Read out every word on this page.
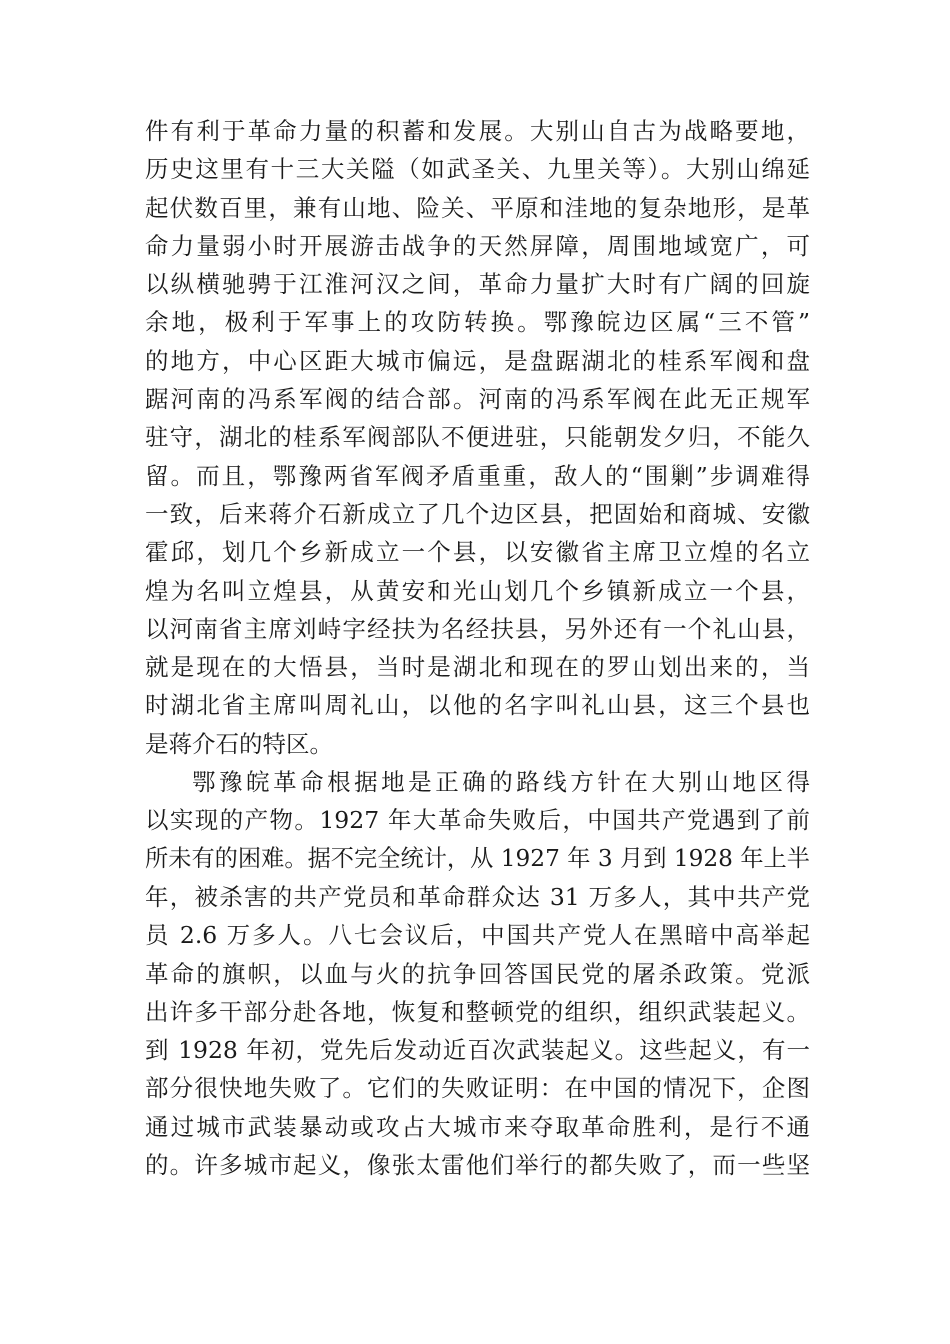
件有利于革命力量的积蓄和发展。大别山自古为战略要地，
历史这里有十三大关隘（如武圣关、九里关等）。大别山绵延
起伏数百里，兼有山地、险关、平原和洼地的复杂地形，是革
命力量弱小时开展游击战争的天然屏障，周围地域宽广，可
以纵横驰骋于江淮河汉之间，革命力量扩大时有广阔的回旋
余地，极利于军事上的攻防转换。鄂豫皖边区属“三不管”
的地方，中心区距大城市偏远，是盘踞湖北的桂系军阀和盘
踞河南的冯系军阀的结合部。河南的冯系军阀在此无正规军
驻守，湖北的桂系军阀部队不便进驻，只能朝发夕归，不能久
留。而且，鄂豫两省军阀矛盾重重，敌人的“围剿”步调难得
一致，后来蒋介石新成立了几个边区县，把固始和商城、安徽
霍邱，划几个乡新成立一个县，以安徽省主席卫立煌的名立
煌为名叫立煌县，从黄安和光山划几个乡镇新成立一个县，
以河南省主席刘峙字经扶为名经扶县，另外还有一个礼山县，
就是现在的大悟县，当时是湖北和现在的罗山划出来的，当
时湖北省主席叫周礼山，以他的名字叫礼山县，这三个县也
是蒋介石的特区。
鄂豫皖革命根据地是正确的路线方针在大别山地区得
以实现的产物。1927 年大革命失败后，中国共产党遇到了前
所未有的困难。据不完全统计，从 1927 年 3 月到 1928 年上半
年，被杀害的共产党员和革命群众达 31 万多人，其中共产党
员 2.6 万多人。八七会议后，中国共产党人在黑暗中高举起
革命的旗帜，以血与火的抗争回答国民党的屠杀政策。党派
出许多干部分赴各地，恢复和整顿党的组织，组织武装起义。
到 1928 年初，党先后发动近百次武装起义。这些起义，有一
部分很快地失败了。它们的失败证明：在中国的情况下，企图
通过城市武装暴动或攻占大城市来夺取革命胜利，是行不通
的。许多城市起义，像张太雷他们举行的都失败了，而一些坚
